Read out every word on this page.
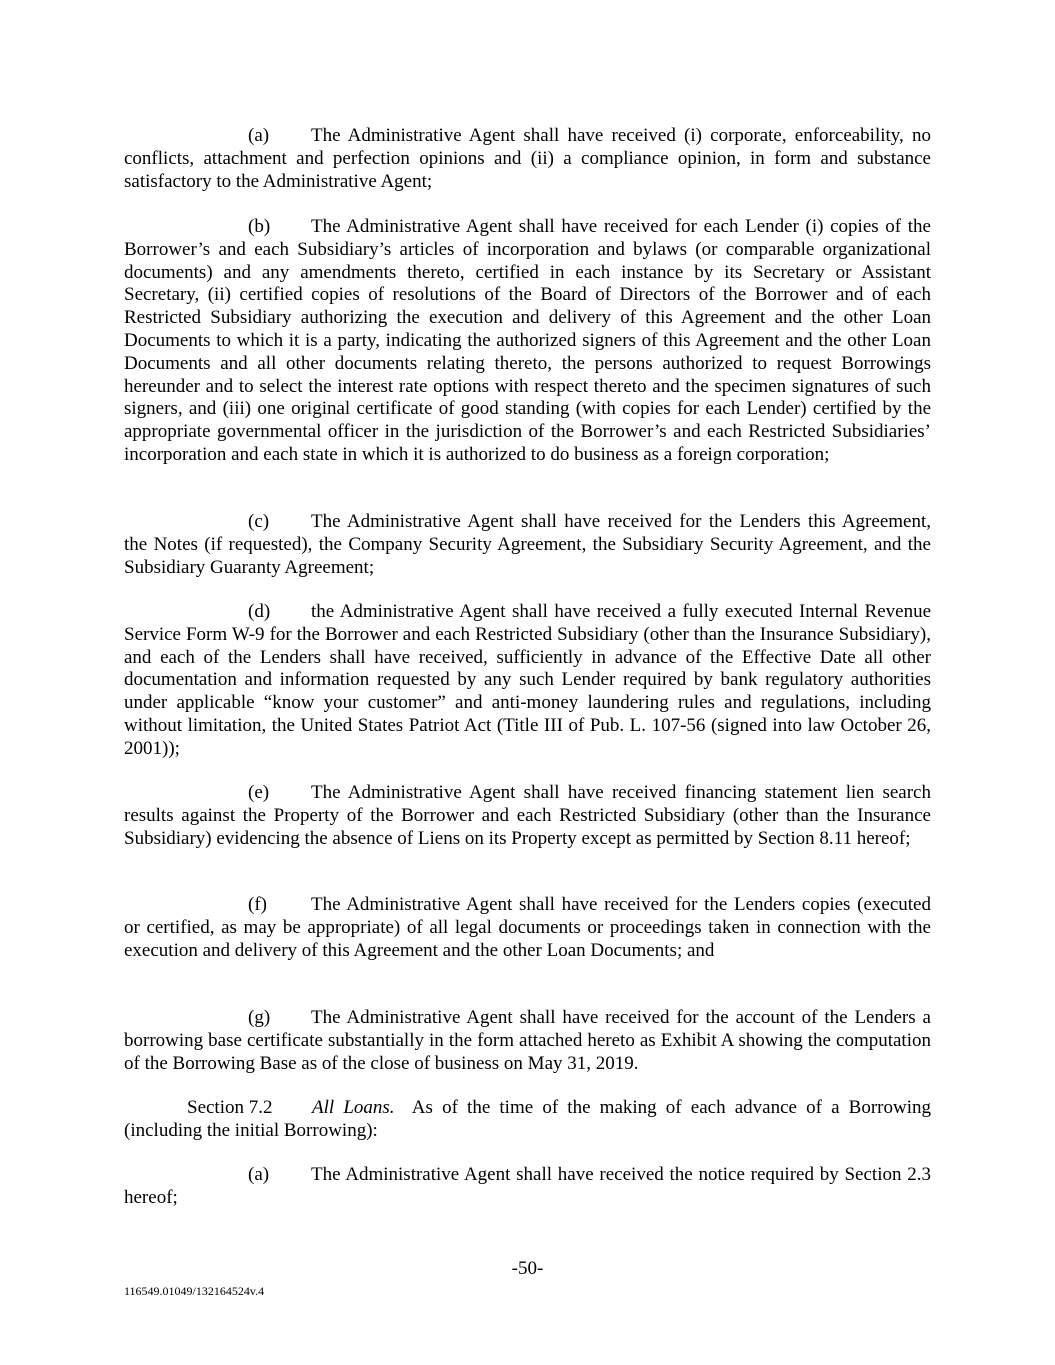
(a) The Administrative Agent shall have received (i) corporate, enforceability, no conflicts, attachment and perfection opinions and (ii) a compliance opinion, in form and substance satisfactory to the Administrative Agent;

(b) The Administrative Agent shall have received for each Lender (i) copies of the Borrower’s and each Subsidiary’s articles of incorporation and bylaws (or comparable organizational documents) and any amendments thereto, certified in each instance by its Secretary or Assistant Secretary, (ii) certified copies of resolutions of the Board of Directors of the Borrower and of each Restricted Subsidiary authorizing the execution and delivery of this Agreement and the other Loan Documents to which it is a party, indicating the authorized signers of this Agreement and the other Loan Documents and all other documents relating thereto, the persons authorized to request Borrowings hereunder and to select the interest rate options with respect thereto and the specimen signatures of such signers, and (iii) one original certificate of good standing (with copies for each Lender) certified by the appropriate governmental officer in the jurisdiction of the Borrower’s and each Restricted Subsidiaries’ incorporation and each state in which it is authorized to do business as a foreign corporation;

(c) The Administrative Agent shall have received for the Lenders this Agreement, the Notes (if requested), the Company Security Agreement, the Subsidiary Security Agreement, and the Subsidiary Guaranty Agreement;

(d) the Administrative Agent shall have received a fully executed Internal Revenue Service Form W-9 for the Borrower and each Restricted Subsidiary (other than the Insurance Subsidiary), and each of the Lenders shall have received, sufficiently in advance of the Effective Date all other documentation and information requested by any such Lender required by bank regulatory authorities under applicable “know your customer” and anti-money laundering rules and regulations, including without limitation, the United States Patriot Act (Title III of Pub. L. 107-56 (signed into law October 26, 2001));

(e) The Administrative Agent shall have received financing statement lien search results against the Property of the Borrower and each Restricted Subsidiary (other than the Insurance Subsidiary) evidencing the absence of Liens on its Property except as permitted by Section 8.11 hereof;

(f) The Administrative Agent shall have received for the Lenders copies (executed or certified, as may be appropriate) of all legal documents or proceedings taken in connection with the execution and delivery of this Agreement and the other Loan Documents; and

(g) The Administrative Agent shall have received for the account of the Lenders a borrowing base certificate substantially in the form attached hereto as Exhibit A showing the computation of the Borrowing Base as of the close of business on May 31, 2019.

Section 7.2 All Loans. As of the time of the making of each advance of a Borrowing (including the initial Borrowing):

(a) The Administrative Agent shall have received the notice required by Section 2.3 hereof;

-50-
116549.01049/132164524v.4
